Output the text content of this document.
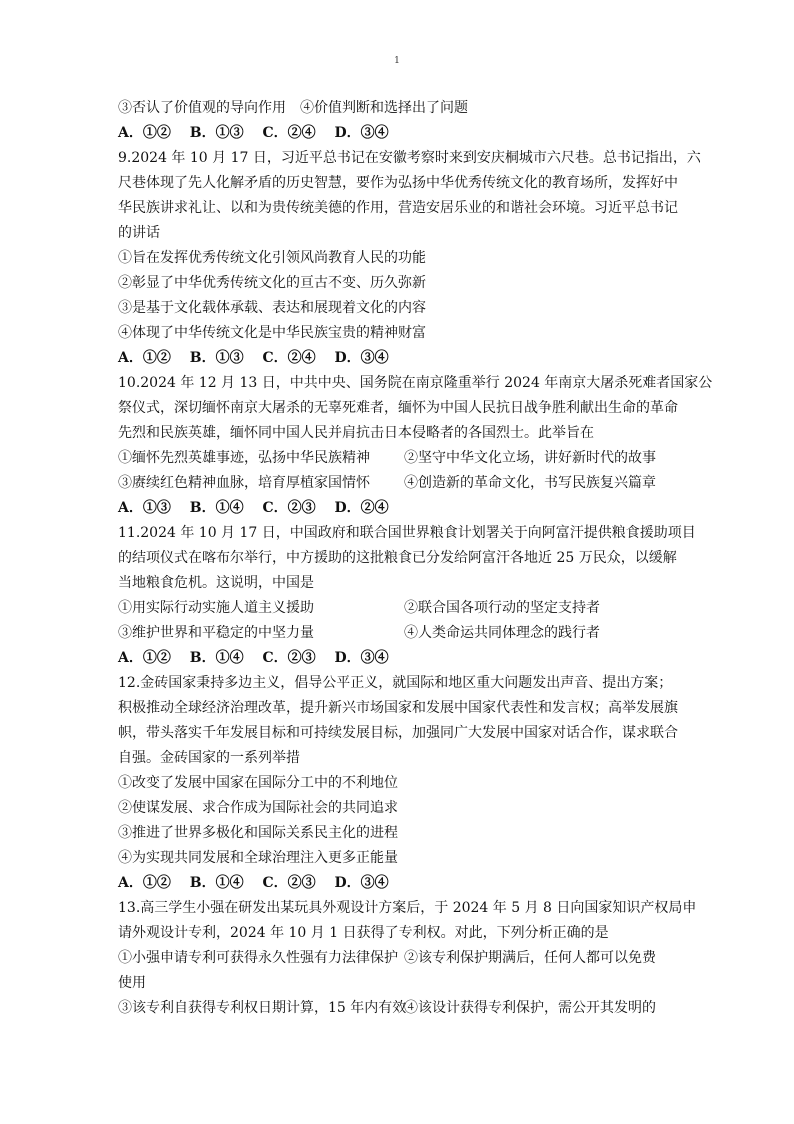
1
③否认了价值观的导向作用　④价值判断和选择出了问题
A．①② B．①③ C．②④ D．③④
9.2024 年 10 月 17 日，习近平总书记在安徽考察时来到安庆桐城市六尺巷。总书记指出，六
尺巷体现了先人化解矛盾的历史智慧，要作为弘扬中华优秀传统文化的教育场所，发挥好中
华民族讲求礼让、以和为贵传统美德的作用，营造安居乐业的和谐社会环境。习近平总书记
的讲话
①旨在发挥优秀传统文化引领风尚教育人民的功能
②彰显了中华优秀传统文化的亘古不变、历久弥新
③是基于文化载体承载、表达和展现着文化的内容
④体现了中华传统文化是中华民族宝贵的精神财富
A．①② B．①③ C．②④ D．③④
10.2024 年 12 月 13 日，中共中央、国务院在南京隆重举行 2024 年南京大屠杀死难者国家公
祭仪式，深切缅怀南京大屠杀的无辜死难者，缅怀为中国人民抗日战争胜利献出生命的革命
先烈和民族英雄，缅怀同中国人民并肩抗击日本侵略者的各国烈士。此举旨在
①缅怀先烈英雄事迹，弘扬中华民族精神	②坚守中华文化立场，讲好新时代的故事
③赓续红色精神血脉，培育厚植家国情怀	④创造新的革命文化，书写民族复兴篇章
A．①③ B．①④ C．②③ D．②④
11.2024 年 10 月 17 日，中国政府和联合国世界粮食计划署关于向阿富汗提供粮食援助项目
的结项仪式在喀布尔举行，中方援助的这批粮食已分发给阿富汗各地近 25 万民众，以缓解
当地粮食危机。这说明，中国是
①用实际行动实施人道主义援助	②联合国各项行动的坚定支持者
③维护世界和平稳定的中坚力量	④人类命运共同体理念的践行者
A．①② B．①④ C．②③ D．③④
12.金砖国家秉持多边主义，倡导公平正义，就国际和地区重大问题发出声音、提出方案；
积极推动全球经济治理改革，提升新兴市场国家和发展中国家代表性和发言权；高举发展旗
帜，带头落实千年发展目标和可持续发展目标，加强同广大发展中国家对话合作，谋求联合
自强。金砖国家的一系列举措
①改变了发展中国家在国际分工中的不利地位
②使谋发展、求合作成为国际社会的共同追求
③推进了世界多极化和国际关系民主化的进程
④为实现共同发展和全球治理注入更多正能量
A．①② B．①④ C．②③ D．③④
13.高三学生小强在研发出某玩具外观设计方案后，于 2024 年 5 月 8 日向国家知识产权局申
请外观设计专利，2024 年 10 月 1 日获得了专利权。对此，下列分析正确的是
①小强申请专利可获得永久性强有力法律保护 ②该专利保护期满后，任何人都可以免费
使用
③该专利自获得专利权日期计算，15 年内有效
④该设计获得专利保护，需公开其发明的
